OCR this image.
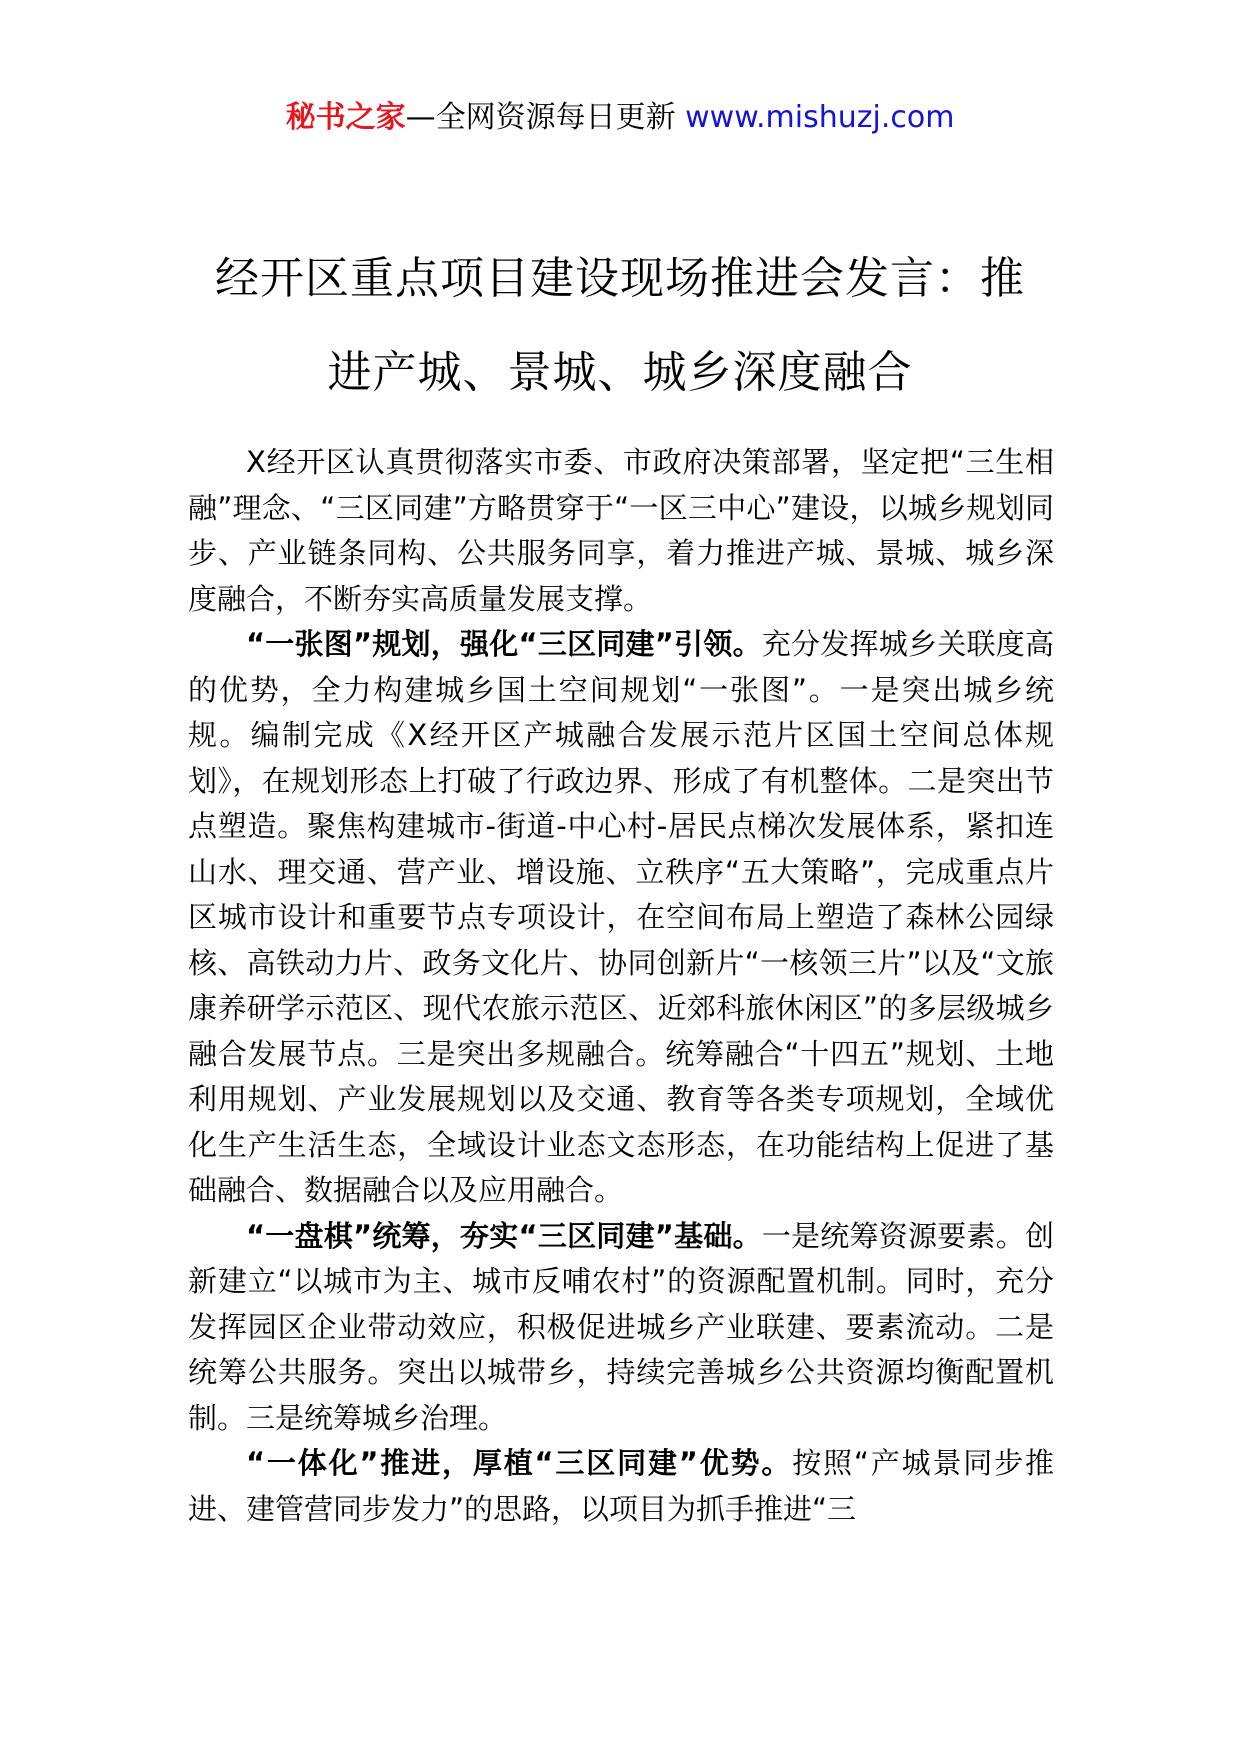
秘书之家—全网资源每日更新 www.mishuzj.com
经开区重点项目建设现场推进会发言：推
进产城、景城、城乡深度融合

X经开区认真贯彻落实市委、市政府决策部署，坚定把“三生相融”理念、“三区同建”方略贯穿于“一区三中心”建设，以城乡规划同步、产业链条同构、公共服务同享，着力推进产城、景城、城乡深度融合，不断夯实高质量发展支撑。

“一张图”规划，强化“三区同建”引领。充分发挥城乡关联度高的优势，全力构建城乡国土空间规划“一张图”。一是突出城乡统规。编制完成《X经开区产城融合发展示范片区国土空间总体规划》，在规划形态上打破了行政边界、形成了有机整体。二是突出节点塑造。聚焦构建城市-街道-中心村-居民点梯次发展体系，紧扣连山水、理交通、营产业、增设施、立秩序“五大策略”，完成重点片区城市设计和重要节点专项设计，在空间布局上塑造了森林公园绿核、高铁动力片、政务文化片、协同创新片“一核领三片”以及“文旅康养研学示范区、现代农旅示范区、近郊科旅休闲区”的多层级城乡融合发展节点。三是突出多规融合。统筹融合“十四五”规划、土地利用规划、产业发展规划以及交通、教育等各类专项规划，全域优化生产生活生态，全域设计业态文态形态，在功能结构上促进了基础融合、数据融合以及应用融合。

“一盘棋”统筹，夯实“三区同建”基础。一是统筹资源要素。创新建立“以城市为主、城市反哺农村”的资源配置机制。同时，充分发挥园区企业带动效应，积极促进城乡产业联建、要素流动。二是统筹公共服务。突出以城带乡，持续完善城乡公共资源均衡配置机制。三是统筹城乡治理。

“一体化”推进，厚植“三区同建”优势。按照“产城景同步推进、建管营同步发力”的思路，以项目为抓手推进“三
